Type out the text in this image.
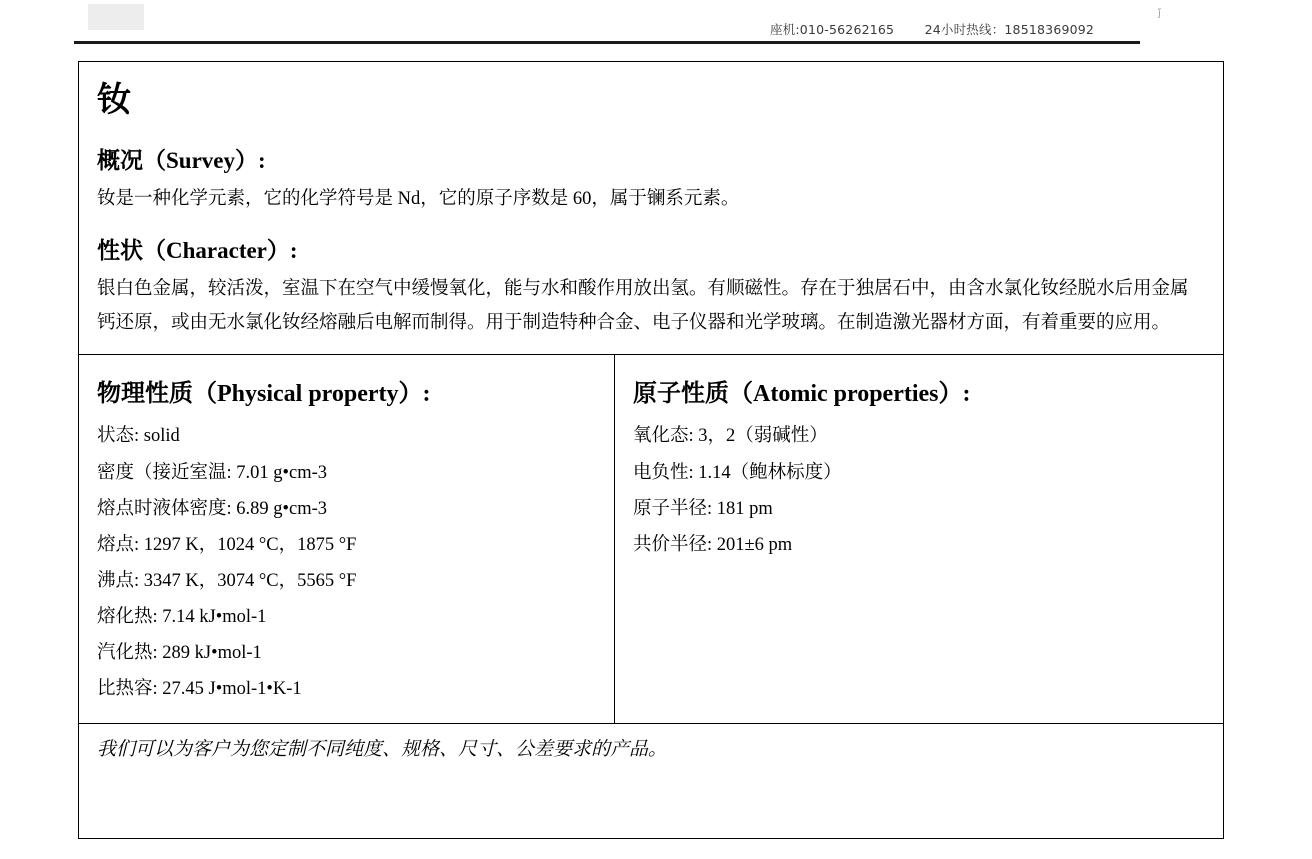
座机:010-56262165 24小时热线：18518369092
ǰ
钕
概况（Survey）:

钕是一种化学元素，它的化学符号是 Nd，它的原子序数是 60，属于镧系元素。

性状（Character）:

银白色金属，较活泼，室温下在空气中缓慢氧化，能与水和酸作用放出氢。有顺磁性。存在于独居石中，由含水氯化钕经脱水后用金属钙还原，或由无水氯化钕经熔融后电解而制得。用于制造特种合金、电子仪器和光学玻璃。在制造激光器材方面，有着重要的应用。

物理性质（Physical property）:
状态: solid
密度（接近室温: 7.01 g•cm-3
熔点时液体密度: 6.89 g•cm-3
熔点: 1297 K，1024 °C，1875 °F
沸点: 3347 K，3074 °C，5565 °F
熔化热: 7.14 kJ•mol-1
汽化热: 289 kJ•mol-1
比热容: 27.45 J•mol-1•K-1
原子性质（Atomic properties）:
氧化态: 3，2（弱碱性）
电负性: 1.14（鲍林标度）
原子半径: 181 pm
共价半径: 201±6 pm
我们可以为客户为您定制不同纯度、规格、尺寸、公差要求的产品。
